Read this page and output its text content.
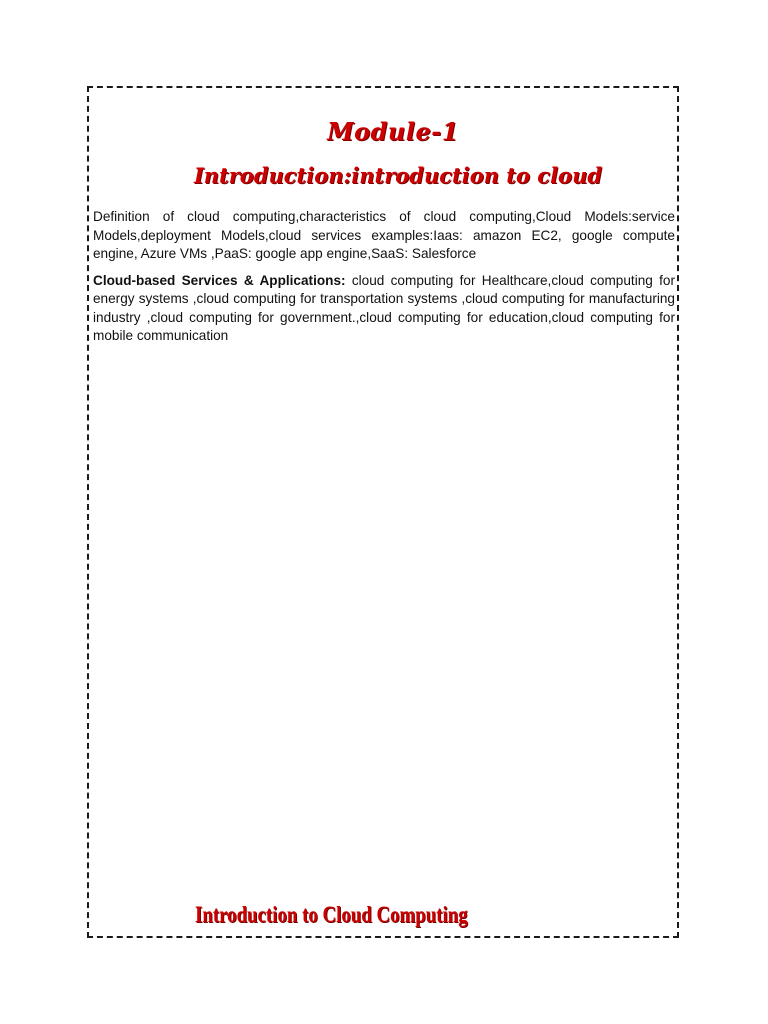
Module-1
Introduction:introduction to cloud

Definition of cloud computing,characteristics of cloud computing,Cloud Models:service Models,deployment Models,cloud services examples:Iaas: amazon EC2, google compute engine, Azure VMs ,PaaS: google app engine,SaaS: Salesforce

Cloud-based Services & Applications: cloud computing for Healthcare,cloud computing for energy systems ,cloud computing for transportation systems ,cloud computing for manufacturing industry ,cloud computing for government.,cloud computing for education,cloud computing for mobile communication

Introduction to Cloud Computing
